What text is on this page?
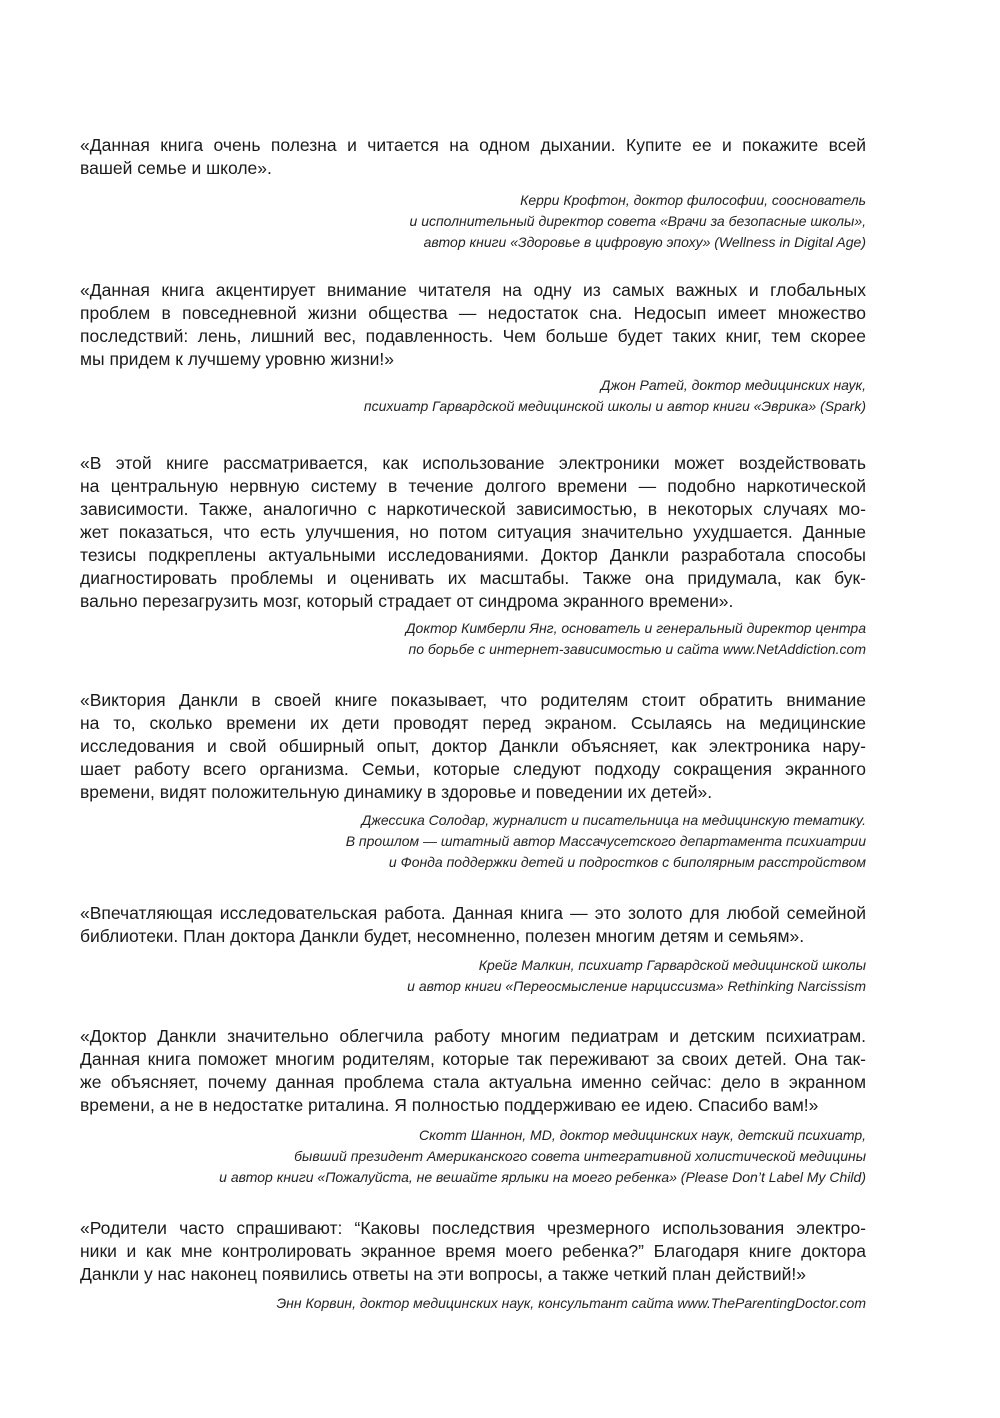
«Данная книга очень полезна и читается на одном дыхании. Купите ее и покажите всей
вашей семье и школе».
Керри Крофтон, доктор философии, сооснователь
и исполнительный директор совета «Врачи за безопасные школы»,
автор книги «Здоровье в цифровую эпоху» (Wellness in Digital Age)
«Данная книга акцентирует внимание читателя на одну из самых важных и глобальных
проблем в повседневной жизни общества — недостаток сна. Недосып имеет множество
последствий: лень, лишний вес, подавленность. Чем больше будет таких книг, тем скорее
мы придем к лучшему уровню жизни!»
Джон Ратей, доктор медицинских наук,
психиатр Гарвардской медицинской школы и автор книги «Эврика» (Spark)
«В этой книге рассматривается, как использование электроники может воздействовать
на центральную нервную систему в течение долгого времени — подобно наркотической
зависимости. Также, аналогично с наркотической зависимостью, в некоторых случаях мо-
жет показаться, что есть улучшения, но потом ситуация значительно ухудшается. Данные
тезисы подкреплены актуальными исследованиями. Доктор Данкли разработала способы
диагностировать проблемы и оценивать их масштабы. Также она придумала, как бук-
вально перезагрузить мозг, который страдает от синдрома экранного времени».
Доктор Кимберли Янг, основатель и генеральный директор центра
по борьбе с интернет-зависимостью и сайта www.NetAddiction.com
«Виктория Данкли в своей книге показывает, что родителям стоит обратить внимание
на то, сколько времени их дети проводят перед экраном. Ссылаясь на медицинские
исследования и свой обширный опыт, доктор Данкли объясняет, как электроника нару-
шает работу всего организма. Семьи, которые следуют подходу сокращения экранного
времени, видят положительную динамику в здоровье и поведении их детей».
Джессика Солодар, журналист и писательница на медицинскую тематику.
В прошлом — штатный автор Массачусетского департамента психиатрии
и Фонда поддержки детей и подростков с биполярным расстройством
«Впечатляющая исследовательская работа. Данная книга — это золото для любой семейной
библиотеки. План доктора Данкли будет, несомненно, полезен многим детям и семьям».
Крейг Малкин, психиатр Гарвардской медицинской школы
и автор книги «Переосмысление нарциссизма» Rethinking Narcissism
«Доктор Данкли значительно облегчила работу многим педиатрам и детским психиатрам.
Данная книга поможет многим родителям, которые так переживают за своих детей. Она так-
же объясняет, почему данная проблема стала актуальна именно сейчас: дело в экранном
времени, а не в недостатке риталина. Я полностью поддерживаю ее идею. Спасибо вам!»
Скотт Шаннон, MD, доктор медицинских наук, детский психиатр,
бывший президент Американского совета интегративной холистической медицины
и автор книги «Пожалуйста, не вешайте ярлыки на моего ребенка» (Please Don’t Label My Child)
«Родители часто спрашивают: “Каковы последствия чрезмерного использования электро-
ники и как мне контролировать экранное время моего ребенка?” Благодаря книге доктора
Данкли у нас наконец появились ответы на эти вопросы, а также четкий план действий!»
Энн Корвин, доктор медицинских наук, консультант сайта www.TheParentingDoctor.com
